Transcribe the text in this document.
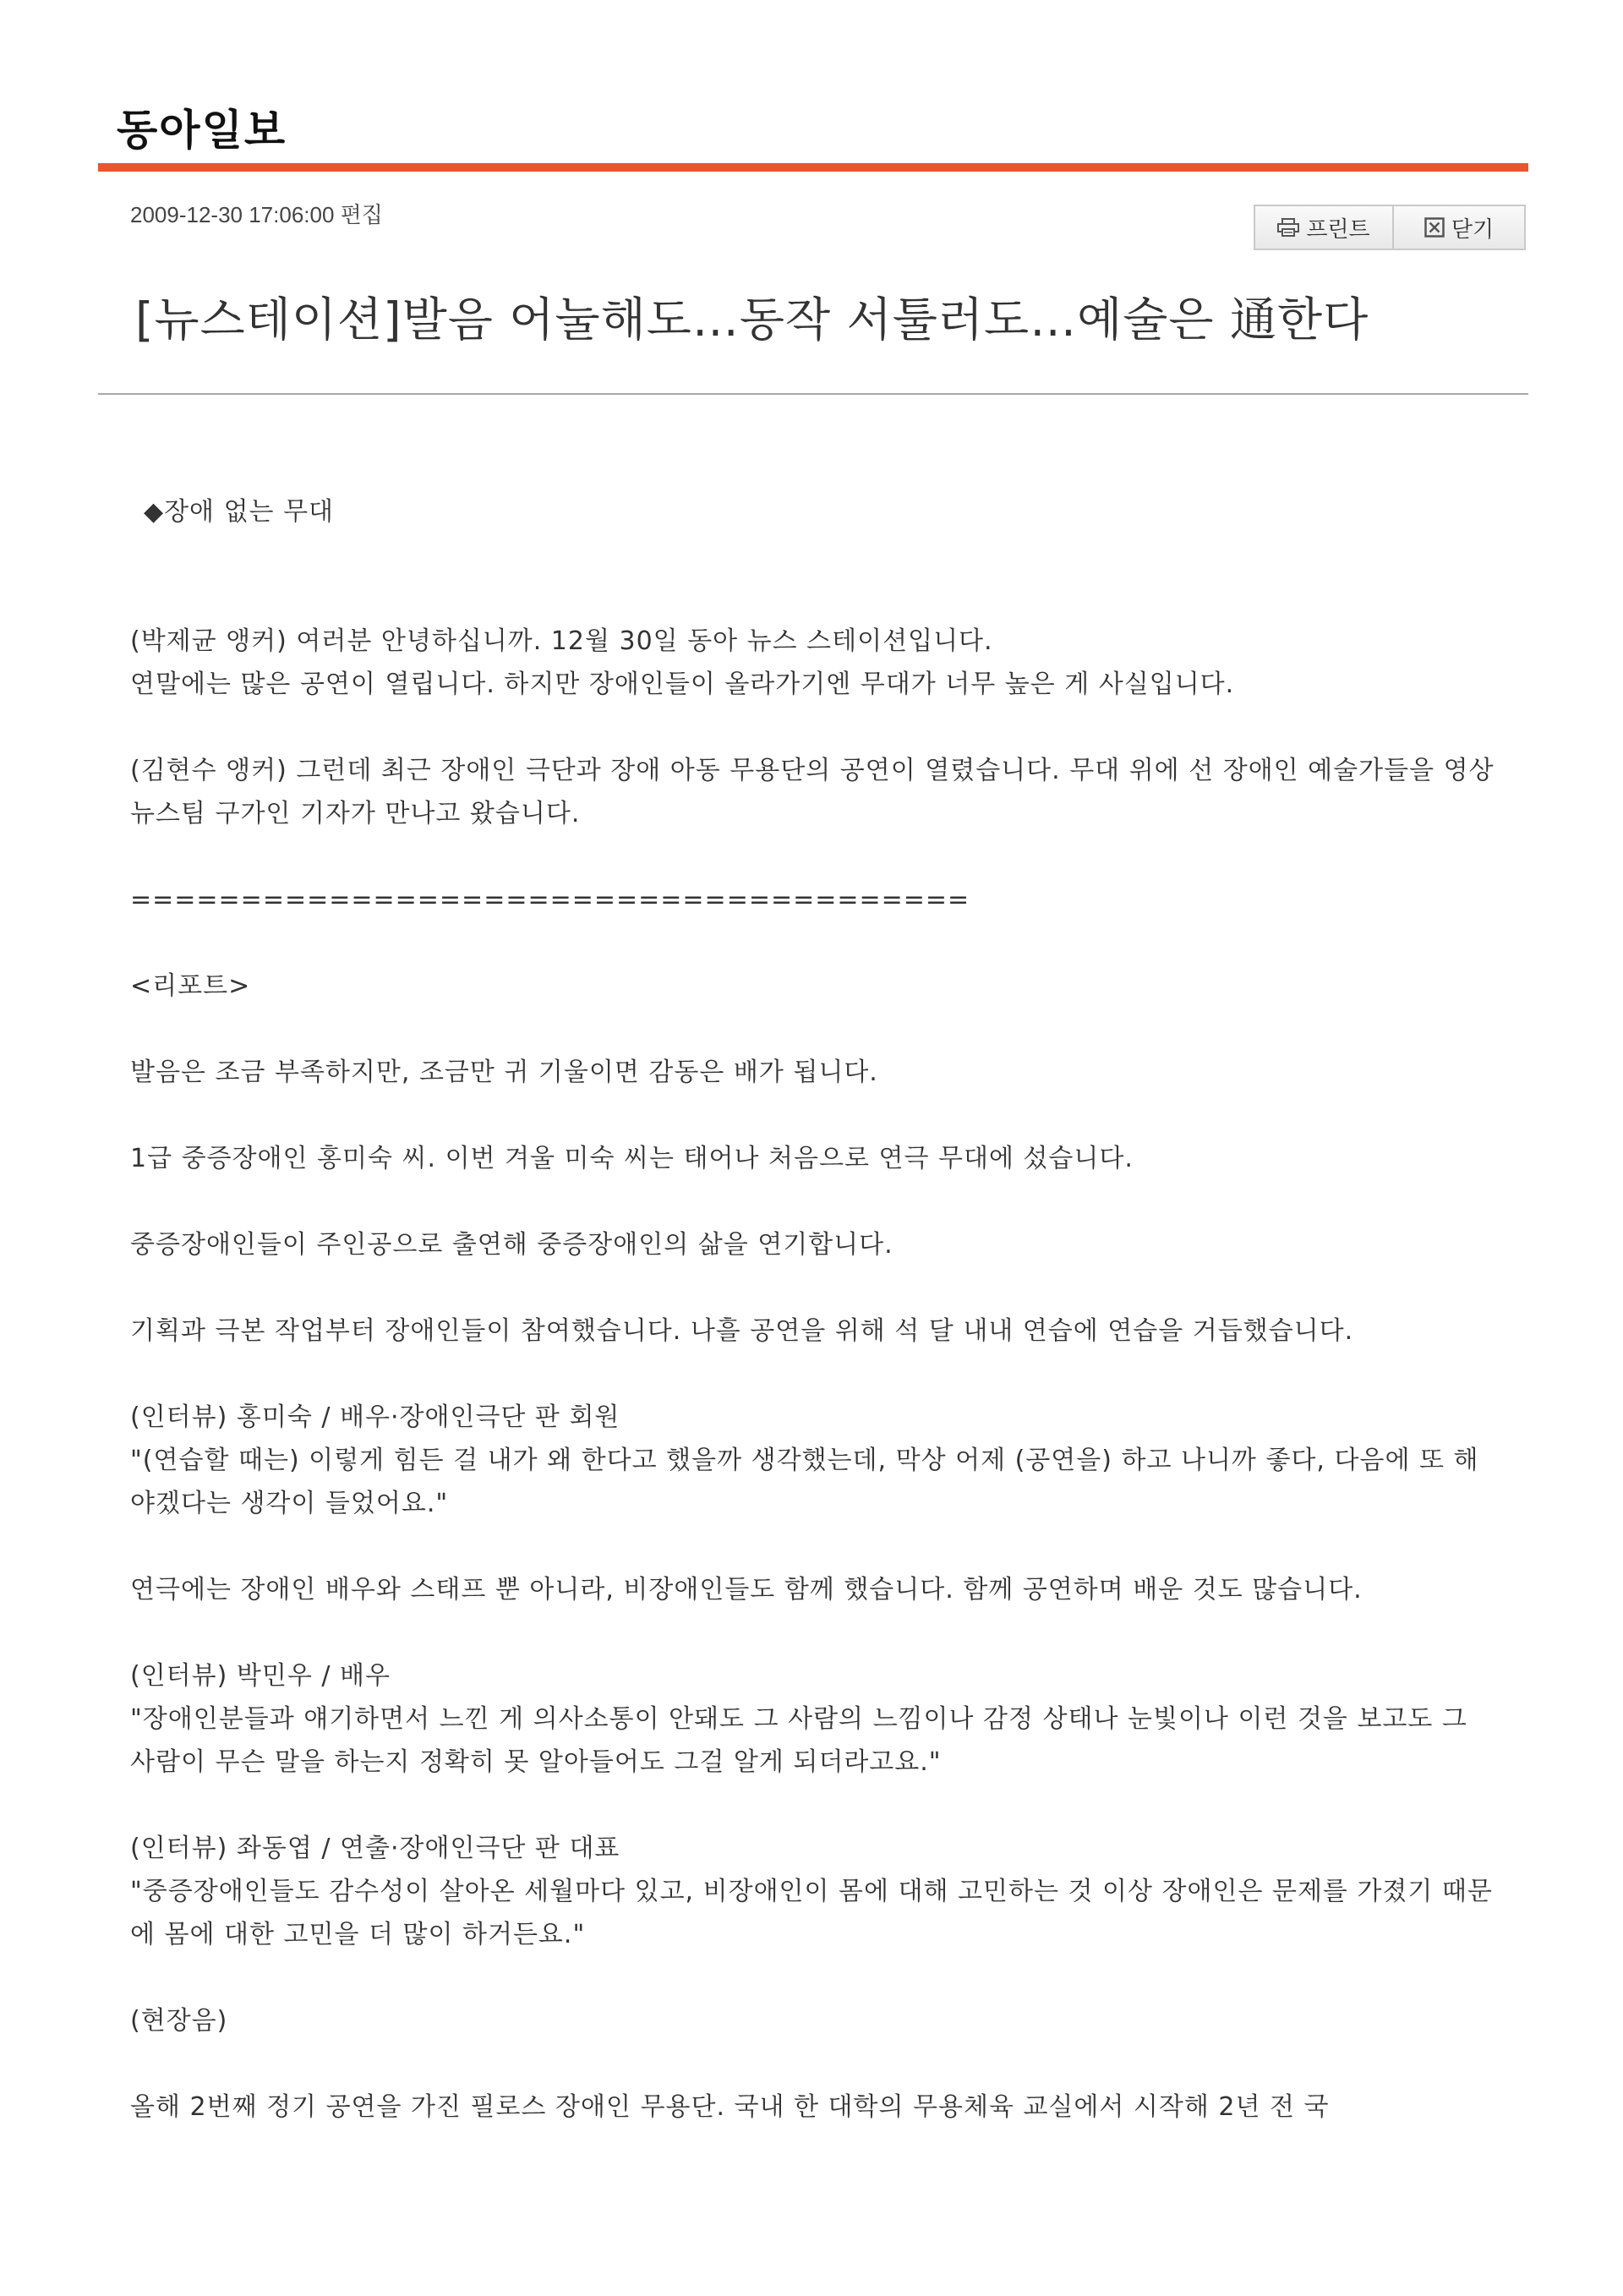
동아일보
2009-12-30 17:06:00 편집
프린트	닫기
[뉴스테이션]발음 어눌해도…동작 서툴러도…예술은 通한다
◆장애 없는 무대
(박제균 앵커) 여러분 안녕하십니까. 12월 30일 동아 뉴스 스테이션입니다.
연말에는 많은 공연이 열립니다. 하지만 장애인들이 올라가기엔 무대가 너무 높은 게 사실입니다.
(김현수 앵커) 그런데 최근 장애인 극단과 장애 아동 무용단의 공연이 열렸습니다. 무대 위에 선 장애인 예술가들을 영상뉴스팀 구가인 기자가 만나고 왔습니다.
======================================
<리포트>
발음은 조금 부족하지만, 조금만 귀 기울이면 감동은 배가 됩니다.
1급 중증장애인 홍미숙 씨. 이번 겨울 미숙 씨는 태어나 처음으로 연극 무대에 섰습니다.
중증장애인들이 주인공으로 출연해 중증장애인의 삶을 연기합니다.
기획과 극본 작업부터 장애인들이 참여했습니다. 나흘 공연을 위해 석 달 내내 연습에 연습을 거듭했습니다.
(인터뷰) 홍미숙 / 배우·장애인극단 판 회원
"(연습할 때는) 이렇게 힘든 걸 내가 왜 한다고 했을까 생각했는데, 막상 어제 (공연을) 하고 나니까 좋다, 다음에 또 해야겠다는 생각이 들었어요."
연극에는 장애인 배우와 스태프 뿐 아니라, 비장애인들도 함께 했습니다. 함께 공연하며 배운 것도 많습니다.
(인터뷰) 박민우 / 배우
"장애인분들과 얘기하면서 느낀 게 의사소통이 안돼도 그 사람의 느낌이나 감정 상태나 눈빛이나 이런 것을 보고도 그 사람이 무슨 말을 하는지 정확히 못 알아들어도 그걸 알게 되더라고요."
(인터뷰) 좌동엽 / 연출·장애인극단 판 대표
"중증장애인들도 감수성이 살아온 세월마다 있고, 비장애인이 몸에 대해 고민하는 것 이상 장애인은 문제를 가졌기 때문에 몸에 대한 고민을 더 많이 하거든요."
(현장음)
올해 2번째 정기 공연을 가진 필로스 장애인 무용단. 국내 한 대학의 무용체육 교실에서 시작해 2년 전 국
